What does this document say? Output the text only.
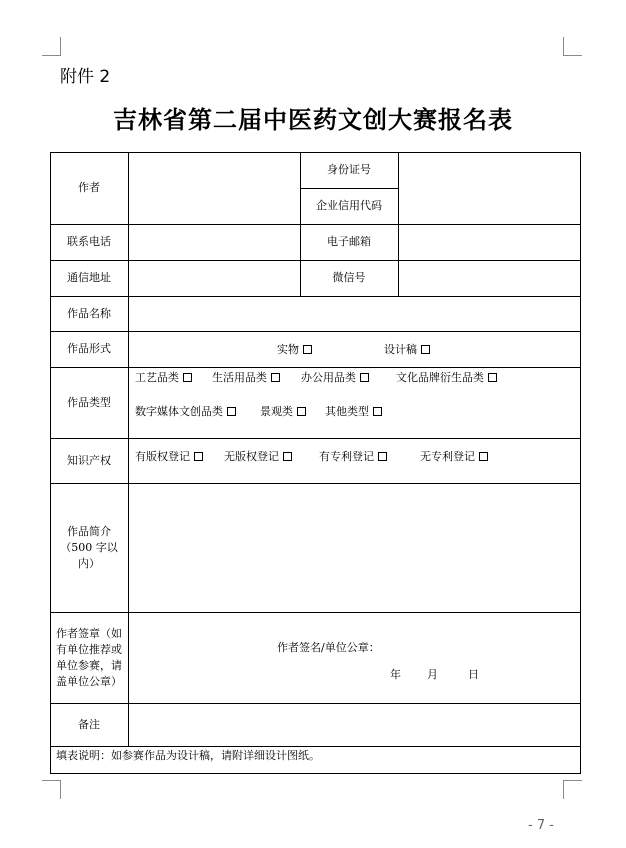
附件 2
吉林省第二届中医药文创大赛报名表
作者
身份证号
企业信用代码
联系电话	电子邮箱
通信地址	微信号
作品名称
作品形式	实物	设计稿
作品类型
工艺品类	生活用品类	办公用品类	文化品牌衍生品类
数字媒体文创品类	景观类	其他类型
知识产权	有版权登记	无版权登记	有专利登记	无专利登记
作品简介（500 字以内）
作者签章（如有单位推荐或单位参赛，请盖单位公章）
作者签名/单位公章：
年 月	日
备注
填表说明：如参赛作品为设计稿，请附详细设计图纸。
- 7 -
